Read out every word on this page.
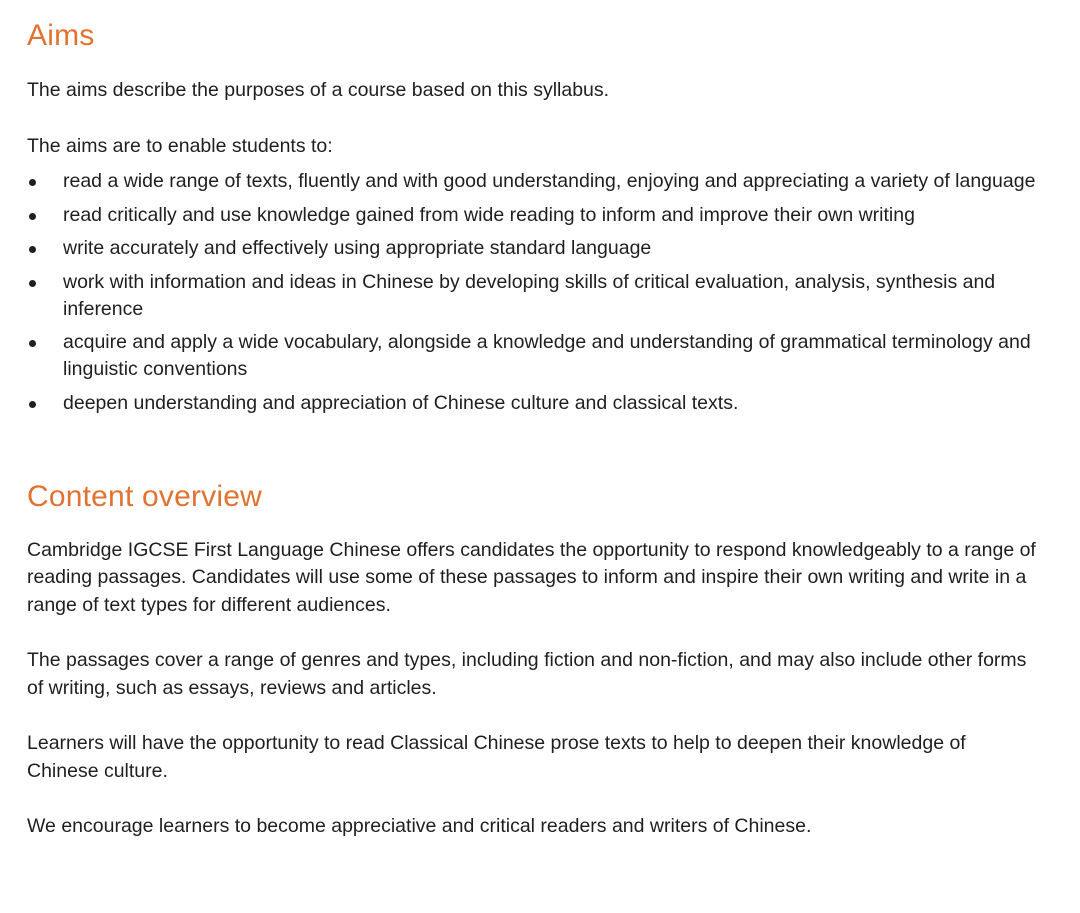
Aims

The aims describe the purposes of a course based on this syllabus.

The aims are to enable students to:

read a wide range of texts, fluently and with good understanding, enjoying and appreciating a variety of language
read critically and use knowledge gained from wide reading to inform and improve their own writing
write accurately and effectively using appropriate standard language
work with information and ideas in Chinese by developing skills of critical evaluation, analysis, synthesis and inference
acquire and apply a wide vocabulary, alongside a knowledge and understanding of grammatical terminology and linguistic conventions
deepen understanding and appreciation of Chinese culture and classical texts.
Content overview

Cambridge IGCSE First Language Chinese offers candidates the opportunity to respond knowledgeably to a range of reading passages. Candidates will use some of these passages to inform and inspire their own writing and write in a range of text types for different audiences.

The passages cover a range of genres and types, including fiction and non-fiction, and may also include other forms of writing, such as essays, reviews and articles.

Learners will have the opportunity to read Classical Chinese prose texts to help to deepen their knowledge of Chinese culture.

We encourage learners to become appreciative and critical readers and writers of Chinese.
